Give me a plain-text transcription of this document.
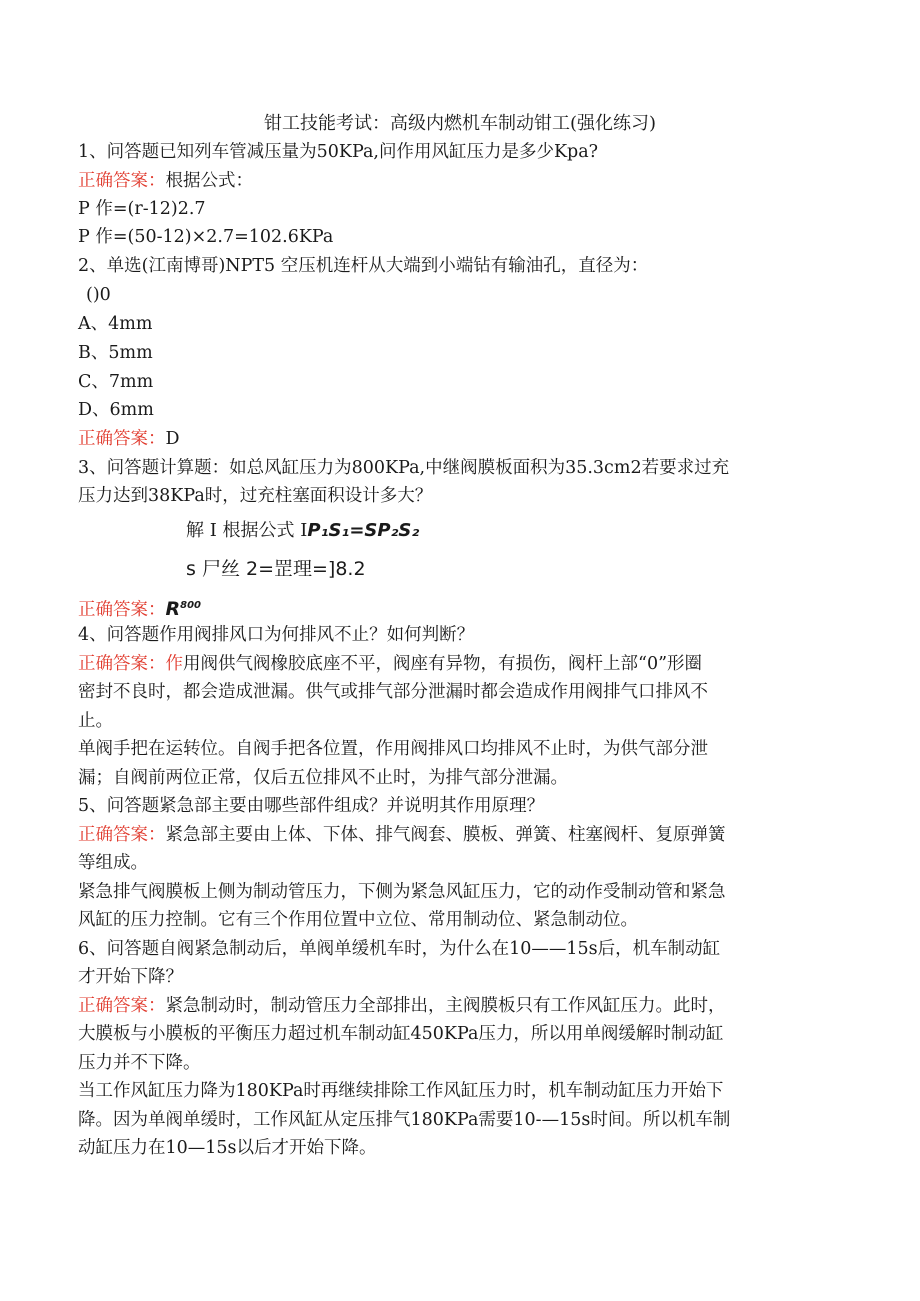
钳工技能考试：高级内燃机车制动钳工(强化练习)
1、问答题已知列车管减压量为50KPa,问作用风缸压力是多少Kpa?
正确答案：根据公式：
P 作=(r-12)2.7
P 作=(50-12)×2.7=102.6KPa
2、单选(江南博哥)NPT5 空压机连杆从大端到小端钻有输油孔，直径为：
()0
A、4mm
B、5mm
C、7mm
D、6mm
正确答案：D
3、问答题计算题：如总风缸压力为800KPa,中继阀膜板面积为35.3cm2若要求过充
压力达到38KPa时，过充柱塞面积设计多大？
解 I 根据公式 IP₁S₁=SP₂S₂
s 尸丝 2=罡理=]8.2
正确答案：$R^{800}$
4、问答题作用阀排风口为何排风不止？如何判断？
正确答案：作用阀供气阀橡胶底座不平，阀座有异物，有损伤，阀杆上部“0”形圈
密封不良时，都会造成泄漏。供气或排气部分泄漏时都会造成作用阀排气口排风不
止。
单阀手把在运转位。自阀手把各位置，作用阀排风口均排风不止时，为供气部分泄
漏；自阀前两位正常，仅后五位排风不止时，为排气部分泄漏。
5、问答题紧急部主要由哪些部件组成？并说明其作用原理？
正确答案：紧急部主要由上体、下体、排气阀套、膜板、弹簧、柱塞阀杆、复原弹簧
等组成。
紧急排气阀膜板上侧为制动管压力，下侧为紧急风缸压力，它的动作受制动管和紧急
风缸的压力控制。它有三个作用位置中立位、常用制动位、紧急制动位。
6、问答题自阀紧急制动后，单阀单缓机车时，为什么在10——15s后，机车制动缸
才开始下降？
正确答案：紧急制动时，制动管压力全部排出，主阀膜板只有工作风缸压力。此时，
大膜板与小膜板的平衡压力超过机车制动缸450KPa压力，所以用单阀缓解时制动缸
压力并不下降。
当工作风缸压力降为180KPa时再继续排除工作风缸压力时，机车制动缸压力开始下
降。因为单阀单缓时，工作风缸从定压排气180KPa需要10-—15s时间。所以机车制
动缸压力在10—15s以后才开始下降。
